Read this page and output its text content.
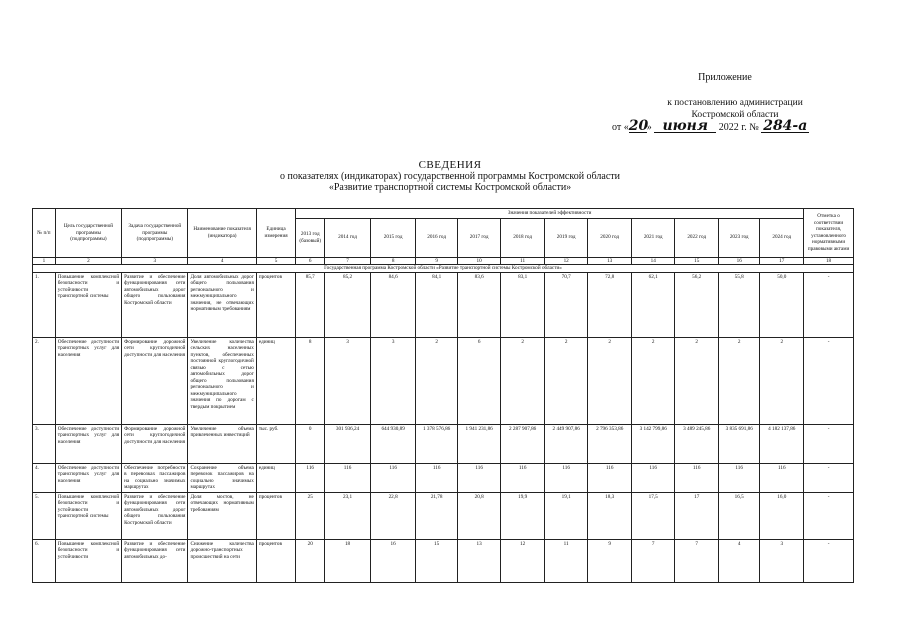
Приложение
к постановлению администрации
Костромской области
от «20» июня 2022 г. № 284-а
СВЕДЕНИЯ
о показателях (индикаторах) государственной программы Костромской области
«Развитие транспортной системы Костромской области»
№ п/п	Цель государственной программы (подпрограммы)	Задача государственной программы (подпрограммы)	Наименование показателя (индикатора)	Единица измерения	Значения показателей эффективности												Отметка о соответствии показателя, установленного нормативными правовыми актами
					2013 год (базовый)	2014 год	2015 год	2016 год	2017 год	2018 год	2019 год	2020 год	2021 год	2022 год	2023 год	2024 год	
1	2	3	4	5	6	7	8	9	10	11	12	13	14	15	16	17	18
Государственная программа Костромской области «Развитие транспортной системы Костромской области»																	
1.	Повышение комплексной безопасности и устойчивости транспортной системы	Развитие и обеспечение функционирования сети автомобильных дорог общего пользования Костромской области	Доля автомобильных дорог общего пользования регионального и межмуниципального значения, не отвечающих нормативным требованиям	процентов	85,7	85,2	84,6	84,1	83,6	83,1	70,7	72,8	62,1	56,2	55,8	50,0	-
2.	Обеспечение доступности транспортных услуг для населения	Формирование дорожной сети круглогодичной доступности для населения	Увеличение количества сельских населенных пунктов, обеспеченных постоянной круглогодичной связью с сетью автомобильных дорог общего пользования регионального и межмуниципального значения по дорогам с твердым покрытием	единиц	8	3	3	2	6	2	2	2	2	2	2	2	-
3.	Обеспечение доступности транспортных услуг для населения	Формирование дорожной сети круглогодичной доступности для населения	Увеличение объема привлеченных инвестиций	тыс. руб.	0	301 936,24	644 930,89	1 378 576,86	1 941 231,86	2 287 907,86	2 449 907,86	2 796 353,86	3 142 799,86	3 489 245,86	3 835 691,86	4 182 137,86	-
4.	Обеспечение доступности транспортных услуг для населения	Обеспечение потребности в перевозках пассажиров на социально значимых маршрутах	Сохранение объема перевозок пассажиров на социально значимых маршрутах	единиц	116	116	116	116	116	116	116	116	116	116	116	116	-
5.	Повышение комплексной безопасности и устойчивости транспортной системы	Развитие и обеспечение функционирования сети автомобильных дорог общего пользования Костромской области	Доля мостов, не отвечающих нормативным требованиям	процентов	25	23,1	22,8	21,78	20,8	19,9	19,1	18,3	17,5	17	16,5	16,0	-
6.	Повышение комплексной безопасности и устойчивости	Развитие и обеспечение функционирования сети автомобильных до-	Снижение количества дорожно-транспортных происшествий на сети	процентов	20	18	16	15	13	12	11	9	7	7	4	3	-
